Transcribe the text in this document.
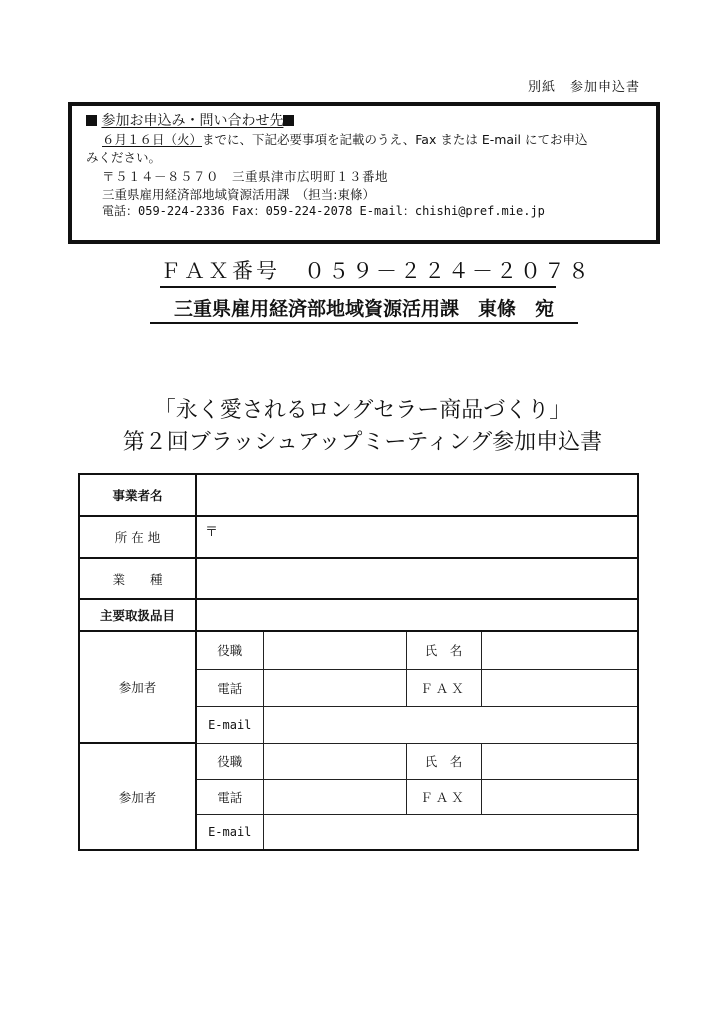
別紙　参加申込書
参加お申込み・問い合わせ先
６月１６日（火）までに、下記必要事項を記載のうえ、Fax または E-mail にてお申込
みください。
〒５１４－８５７０　三重県津市広明町１３番地
三重県雇用経済部地域資源活用課　（担当:東條）
電話：059-224-2336 Fax：059-224-2078 E-mail：chishi@pref.mie.jp
ＦＡＸ番号　０５９－２２４－２０７８
三重県雇用経済部地域資源活用課　東條　宛
「永く愛されるロングセラー商品づくり」
第２回ブラッシュアップミーティング参加申込書
事業者名				
所 在 地	〒			

業　　種				
主要取扱品目				
参加者	役職		氏　名	
	電話		ＦＡＸ	
	E-mail			
参加者	役職		氏　名	
	電話		ＦＡＸ	
	E-mail			
